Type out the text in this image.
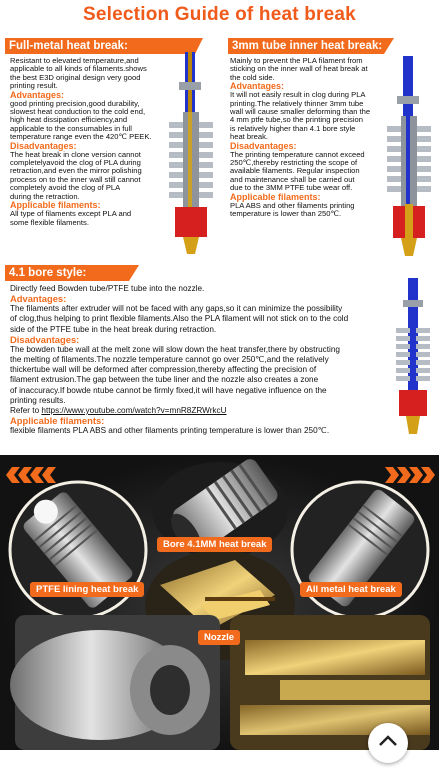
Selection Guide of heat break
Full-metal heat break:
Resistant to elevated temperature,and
applicable to all kinds of filaments.shows
the best E3D original design very good
printing result.
Advantages:
good printing precision,good durability,
slowest heat conduction to the cold end,
high heat dissipation efficiency,and
applicable to the consumables in full
temperature range even the 420℃ PEEK.
Disadvantages:
The heat break in clone version cannot
completelyavoid the clog of PLA during
retraction,and even the mirror polishing
process on to the inner wall still cannot
completely avoid the clog of PLA
during the retraction.
Applicable filaments:
All type of filaments except PLA and
some flexible filaments.
3mm tube inner heat break:
Mainly to prevent the PLA filament from
sticking on the inner wall of heat break at
the cold side.
Advantages:
It will not easily result in clog during PLA
printing.The relatively thinner 3mm tube
wall will cause smaller deforming than the
4 mm ptfe tube,so the printing precision
is relatively higher than 4.1 bore style
heat break.
Disadvantages:
The printing temperature cannot exceed
250℃,thereby restricting the scope of
available filaments. Regular inspection
and maintenance shall be carried out
due to the 3MM PTFE tube wear off.
Applicable filaments:
PLA ABS and other filaments printing
temperature is lower than 250℃.
4.1 bore style:
Directly feed Bowden tube/PTFE tube into the nozzle.
Advantages:
The filaments after extruder will not be faced with any gaps,so it can minimize the possibility
of clog,thus helping to print flexible filaments.Also the PLA filament will not stick on to the cold
side of the PTFE tube in the heat break during retraction.
Disadvantages:
The bowden tube wall at the melt zone will slow down the heat transfer,there by obstructing
the melting of filaments.The nozzle temperature cannot go over 250℃,and the relatively
thickertube wall will be deformed after compression,thereby affecting the precision of
filament extrusion.The gap between the tube liner and the nozzle also creates a zone
of inaccuracy.If bowde ntube cannot be firmly fixed,it will have negative influence on the
printing results.
Refer to https://www.youtube.com/watch?v=mnR8ZRWrkcU
Applicable filaments:
flexible filaments PLA ABS and other filaments printing temperature is lower than 250℃.
Bore 4.1MM heat break
PTFE lining heat break	All metal heat break
Nozzle
